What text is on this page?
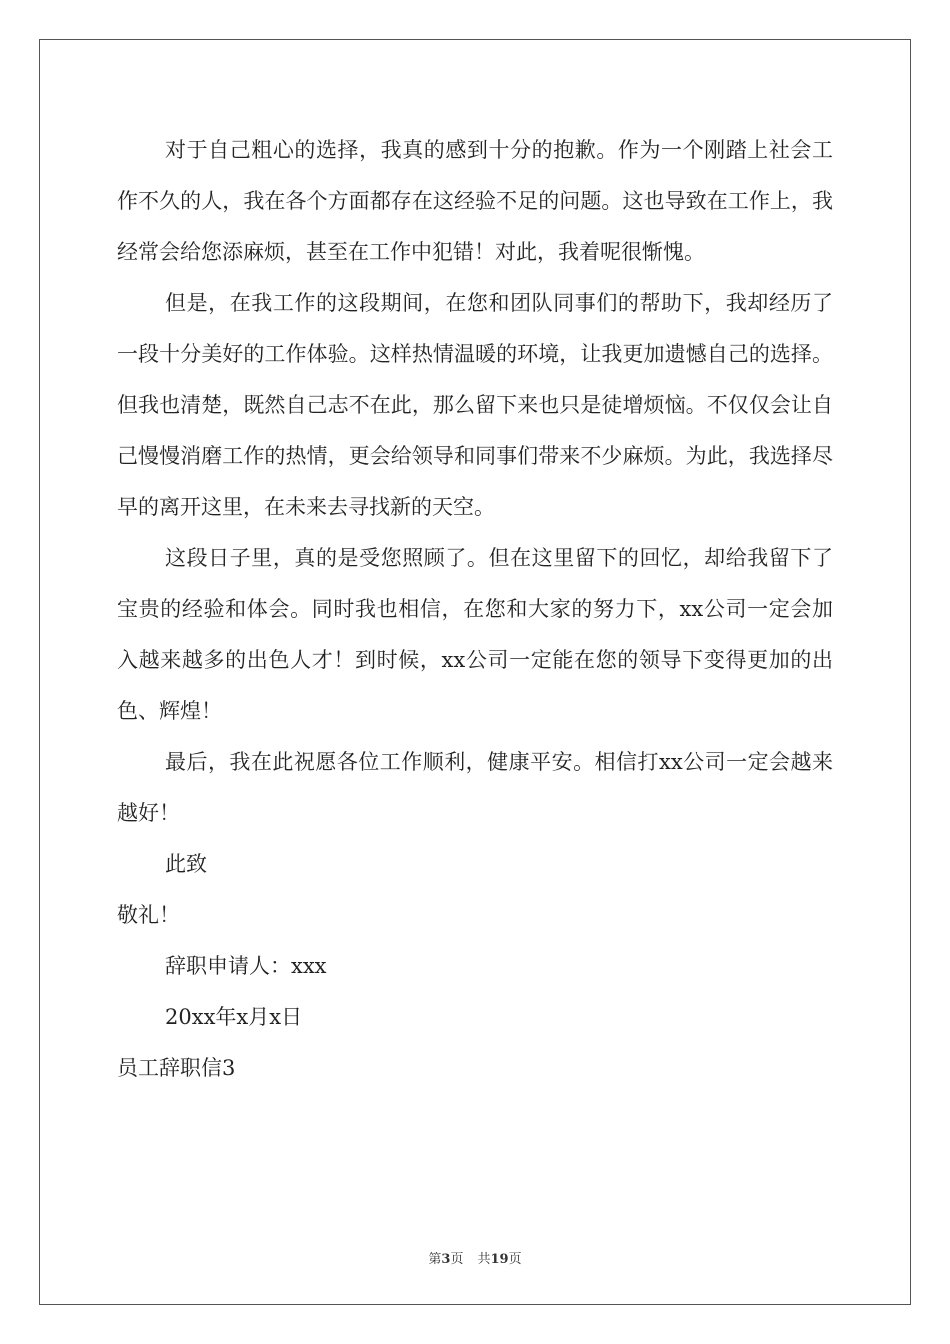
对于自己粗心的选择，我真的感到十分的抱歉。作为一个刚踏上社会工作不久的人，我在各个方面都存在这经验不足的问题。这也导致在工作上，我经常会给您添麻烦，甚至在工作中犯错！对此，我着呢很惭愧。

但是，在我工作的这段期间，在您和团队同事们的帮助下，我却经历了一段十分美好的工作体验。这样热情温暖的环境，让我更加遗憾自己的选择。但我也清楚，既然自己志不在此，那么留下来也只是徒增烦恼。不仅仅会让自己慢慢消磨工作的热情，更会给领导和同事们带来不少麻烦。为此，我选择尽早的离开这里，在未来去寻找新的天空。

这段日子里，真的是受您照顾了。但在这里留下的回忆，却给我留下了宝贵的经验和体会。同时我也相信，在您和大家的努力下，xx公司一定会加入越来越多的出色人才！到时候，xx公司一定能在您的领导下变得更加的出色、辉煌！

最后，我在此祝愿各位工作顺利，健康平安。相信打xx公司一定会越来越好！

此致

敬礼！

辞职申请人：xxx

20xx年x月x日

员工辞职信3

第3页 共19页
